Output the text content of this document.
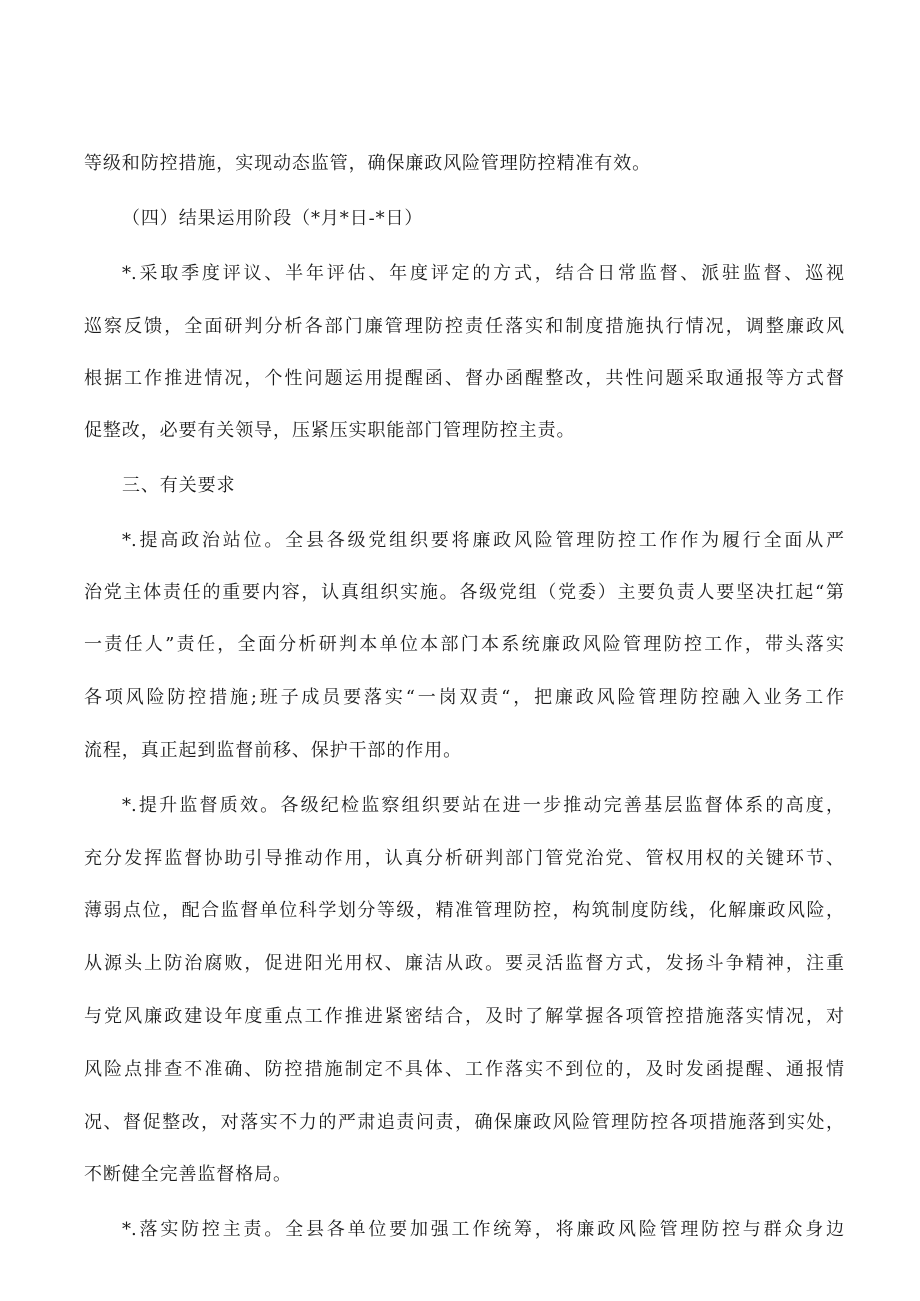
等级和防控措施，实现动态监管，确保廉政风险管理防控精准有效。
（四）结果运用阶段（*月*日-*日）
*.采取季度评议、半年评估、年度评定的方式，结合日常监督、派驻监督、巡视
巡察反馈，全面研判分析各部门廉管理防控责任落实和制度措施执行情况，调整廉政风
根据工作推进情况，个性问题运用提醒函、督办函醒整改，共性问题采取通报等方式督
促整改，必要有关领导，压紧压实职能部门管理防控主责。
三、有关要求
*.提高政治站位。全县各级党组织要将廉政风险管理防控工作作为履行全面从严
治党主体责任的重要内容，认真组织实施。各级党组（党委）主要负责人要坚决扛起“第
一责任人”责任，全面分析研判本单位本部门本系统廉政风险管理防控工作，带头落实
各项风险防控措施;班子成员要落实“一岗双责“，把廉政风险管理防控融入业务工作
流程，真正起到监督前移、保护干部的作用。
*.提升监督质效。各级纪检监察组织要站在进一步推动完善基层监督体系的高度，
充分发挥监督协助引导推动作用，认真分析研判部门管党治党、管权用权的关键环节、
薄弱点位，配合监督单位科学划分等级，精准管理防控，构筑制度防线，化解廉政风险，
从源头上防治腐败，促进阳光用权、廉洁从政。要灵活监督方式，发扬斗争精神，注重
与党风廉政建设年度重点工作推进紧密结合，及时了解掌握各项管控措施落实情况，对
风险点排查不准确、防控措施制定不具体、工作落实不到位的，及时发函提醒、通报情
况、督促整改，对落实不力的严肃追责问责，确保廉政风险管理防控各项措施落到实处，
不断健全完善监督格局。
*.落实防控主责。全县各单位要加强工作统筹，将廉政风险管理防控与群众身边
